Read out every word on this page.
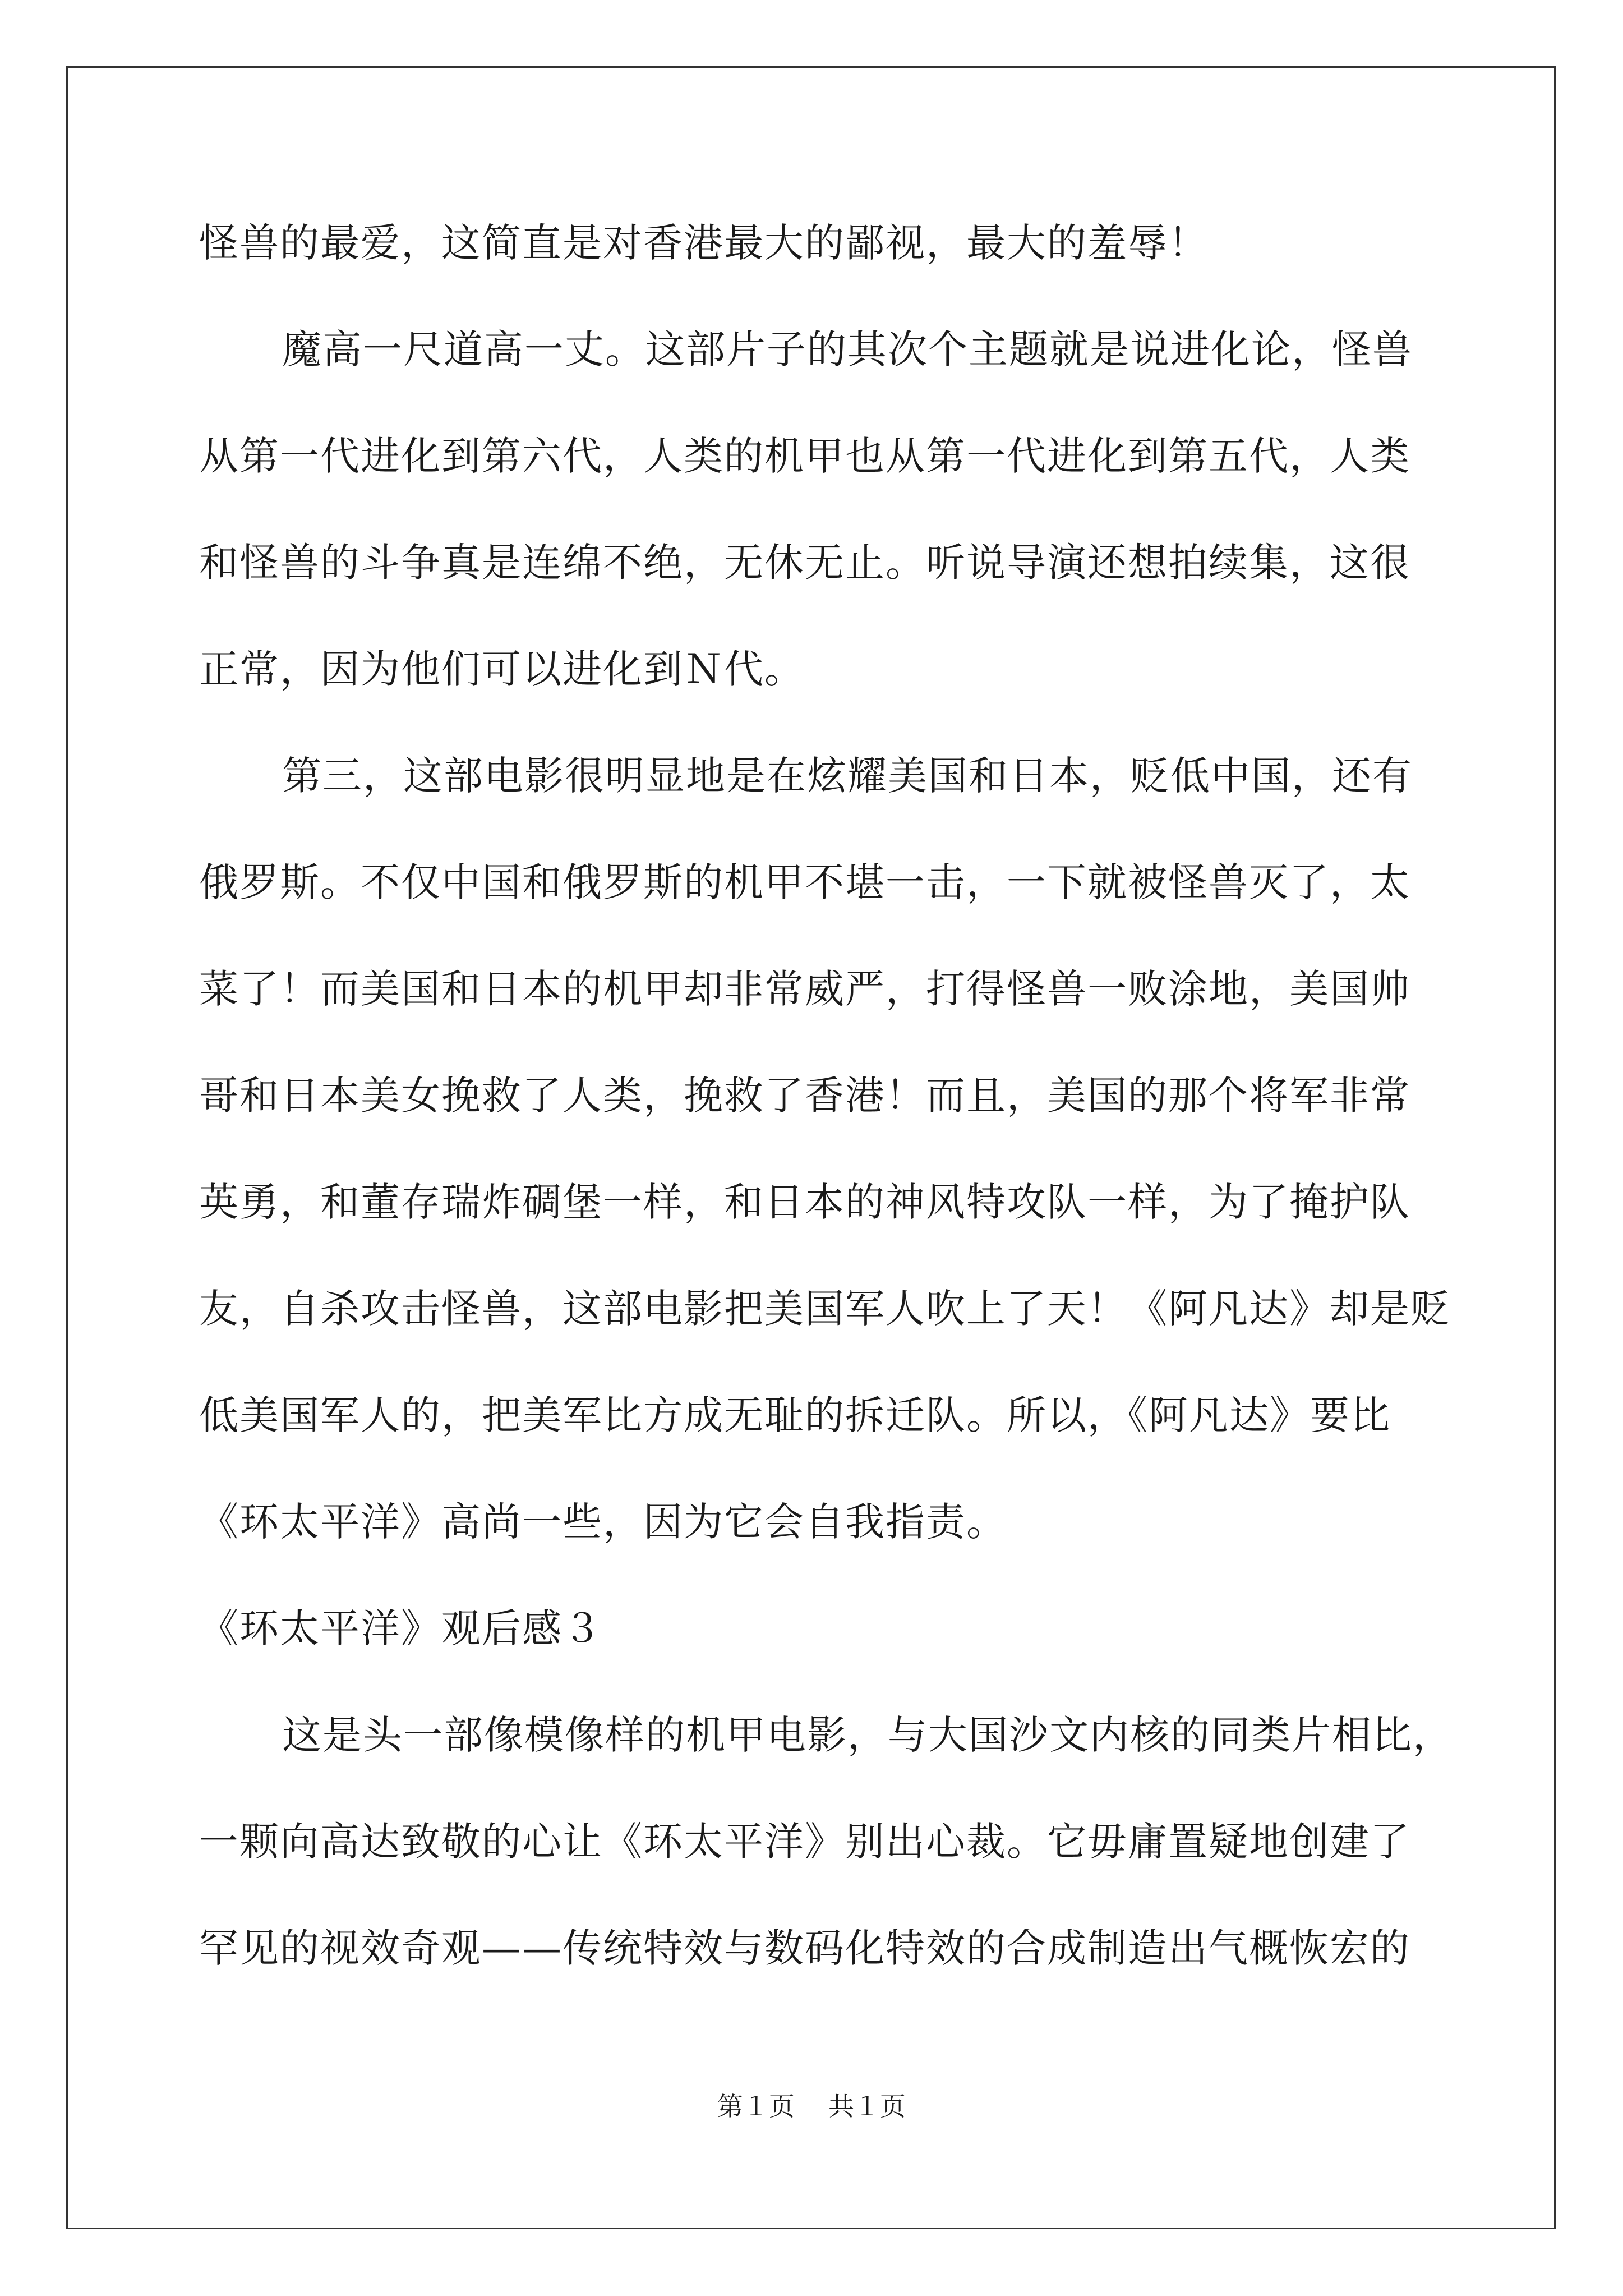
怪兽的最爱，这简直是对香港最大的鄙视，最大的羞辱！
魔高一尺道高一丈。这部片子的其次个主题就是说进化论，怪兽
从第一代进化到第六代，人类的机甲也从第一代进化到第五代，人类
和怪兽的斗争真是连绵不绝，无休无止。听说导演还想拍续集，这很
正常，因为他们可以进化到Ｎ代。
第三，这部电影很明显地是在炫耀美国和日本，贬低中国，还有
俄罗斯。不仅中国和俄罗斯的机甲不堪一击，一下就被怪兽灭了，太
菜了！而美国和日本的机甲却非常威严，打得怪兽一败涂地，美国帅
哥和日本美女挽救了人类，挽救了香港！而且，美国的那个将军非常
英勇，和董存瑞炸碉堡一样，和日本的神风特攻队一样，为了掩护队
友，自杀攻击怪兽，这部电影把美国军人吹上了天！《阿凡达》却是贬
低美国军人的，把美军比方成无耻的拆迁队。所以，《阿凡达》要比
《环太平洋》高尚一些，因为它会自我指责。
《环太平洋》观后感３
这是头一部像模像样的机甲电影，与大国沙文内核的同类片相比，
一颗向高达致敬的心让《环太平洋》别出心裁。它毋庸置疑地创建了
罕见的视效奇观——传统特效与数码化特效的合成制造出气概恢宏的
第１页 共１页
